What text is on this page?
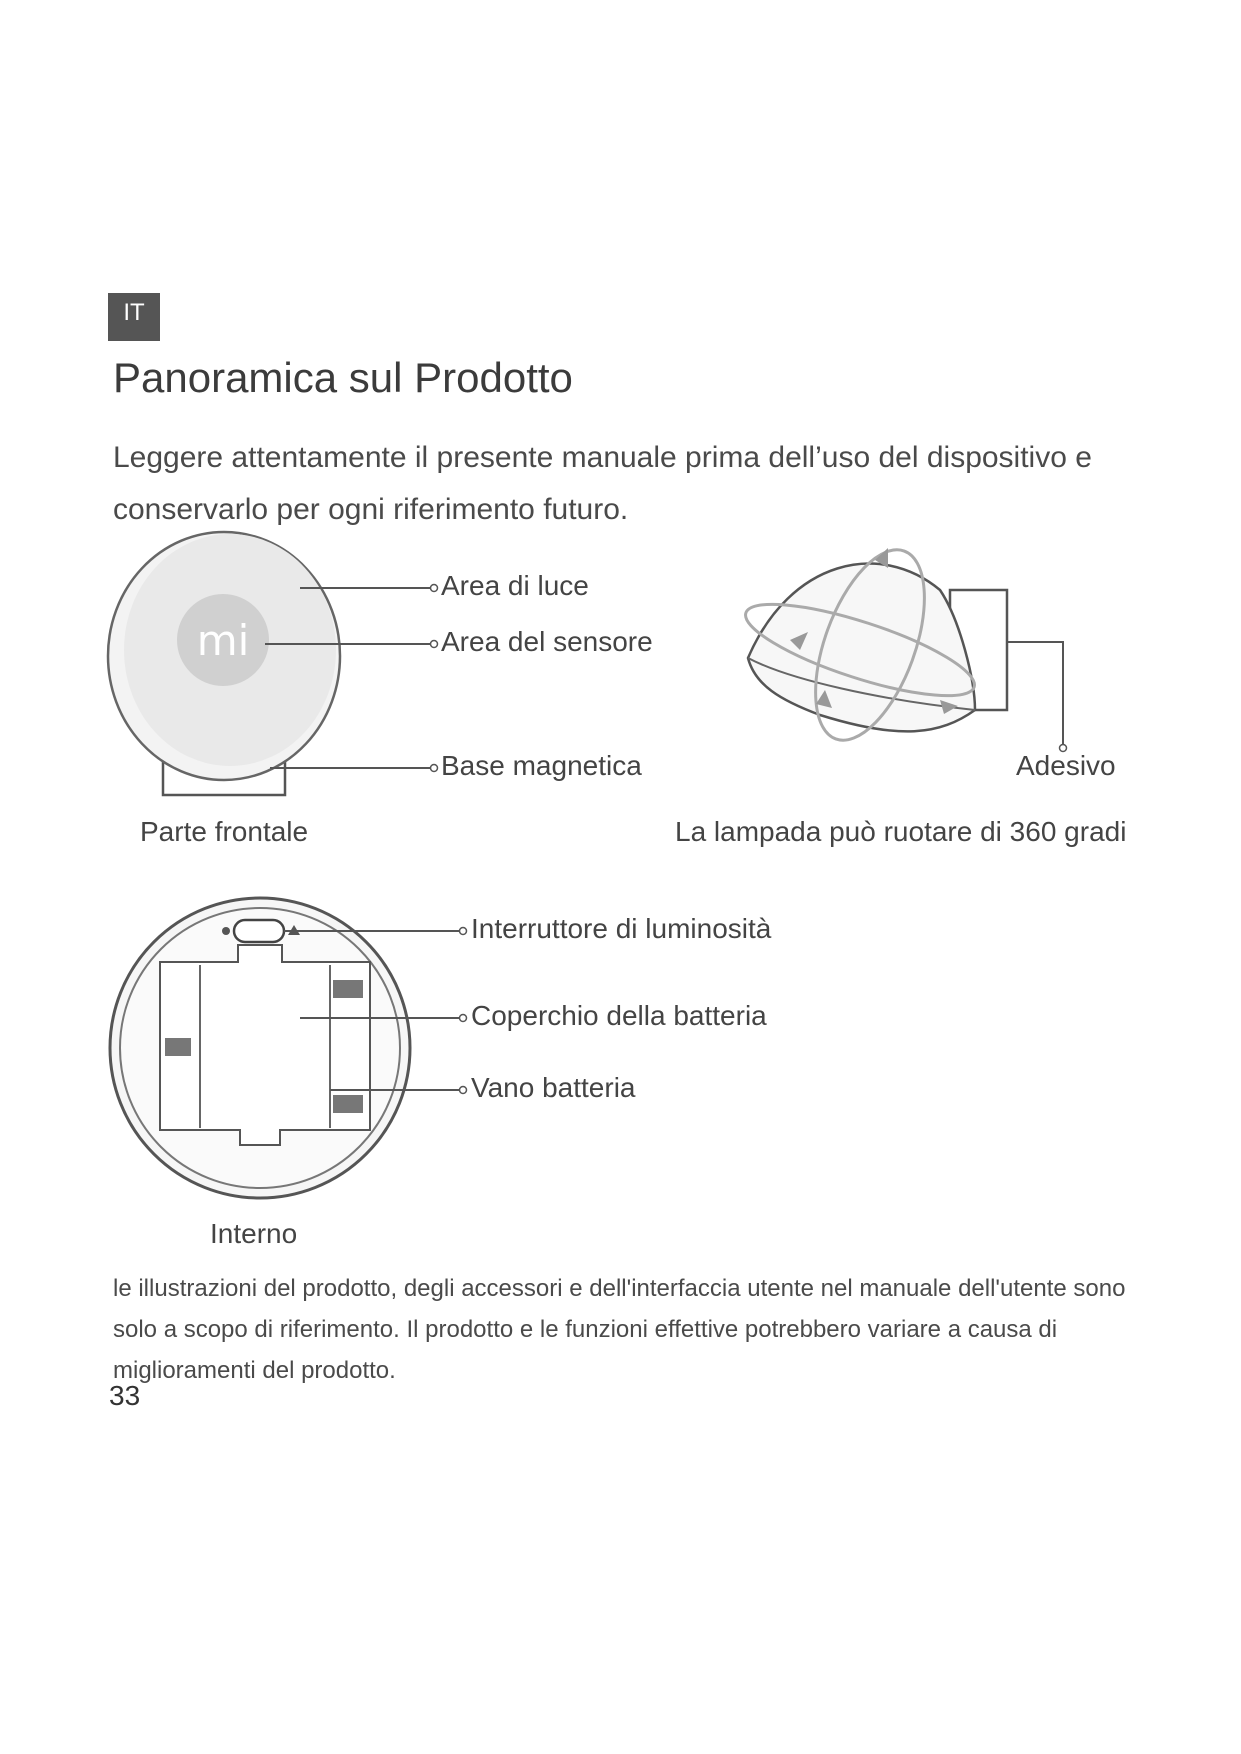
IT
Panoramica sul Prodotto

Leggere attentamente il presente manuale prima dell’uso del dispositivo e conservarlo per ogni riferimento futuro.

mi
Area di luce
Area del sensore
Base magnetica
Parte frontale
Adesivo
La lampada può ruotare di 360 gradi
Interruttore di luminosità
Coperchio della batteria
Vano batteria
Interno

le illustrazioni del prodotto, degli accessori e dell'interfaccia utente nel manuale dell'utente sono solo a scopo di riferimento. Il prodotto e le funzioni effettive potrebbero variare a causa di miglioramenti del prodotto.

33
